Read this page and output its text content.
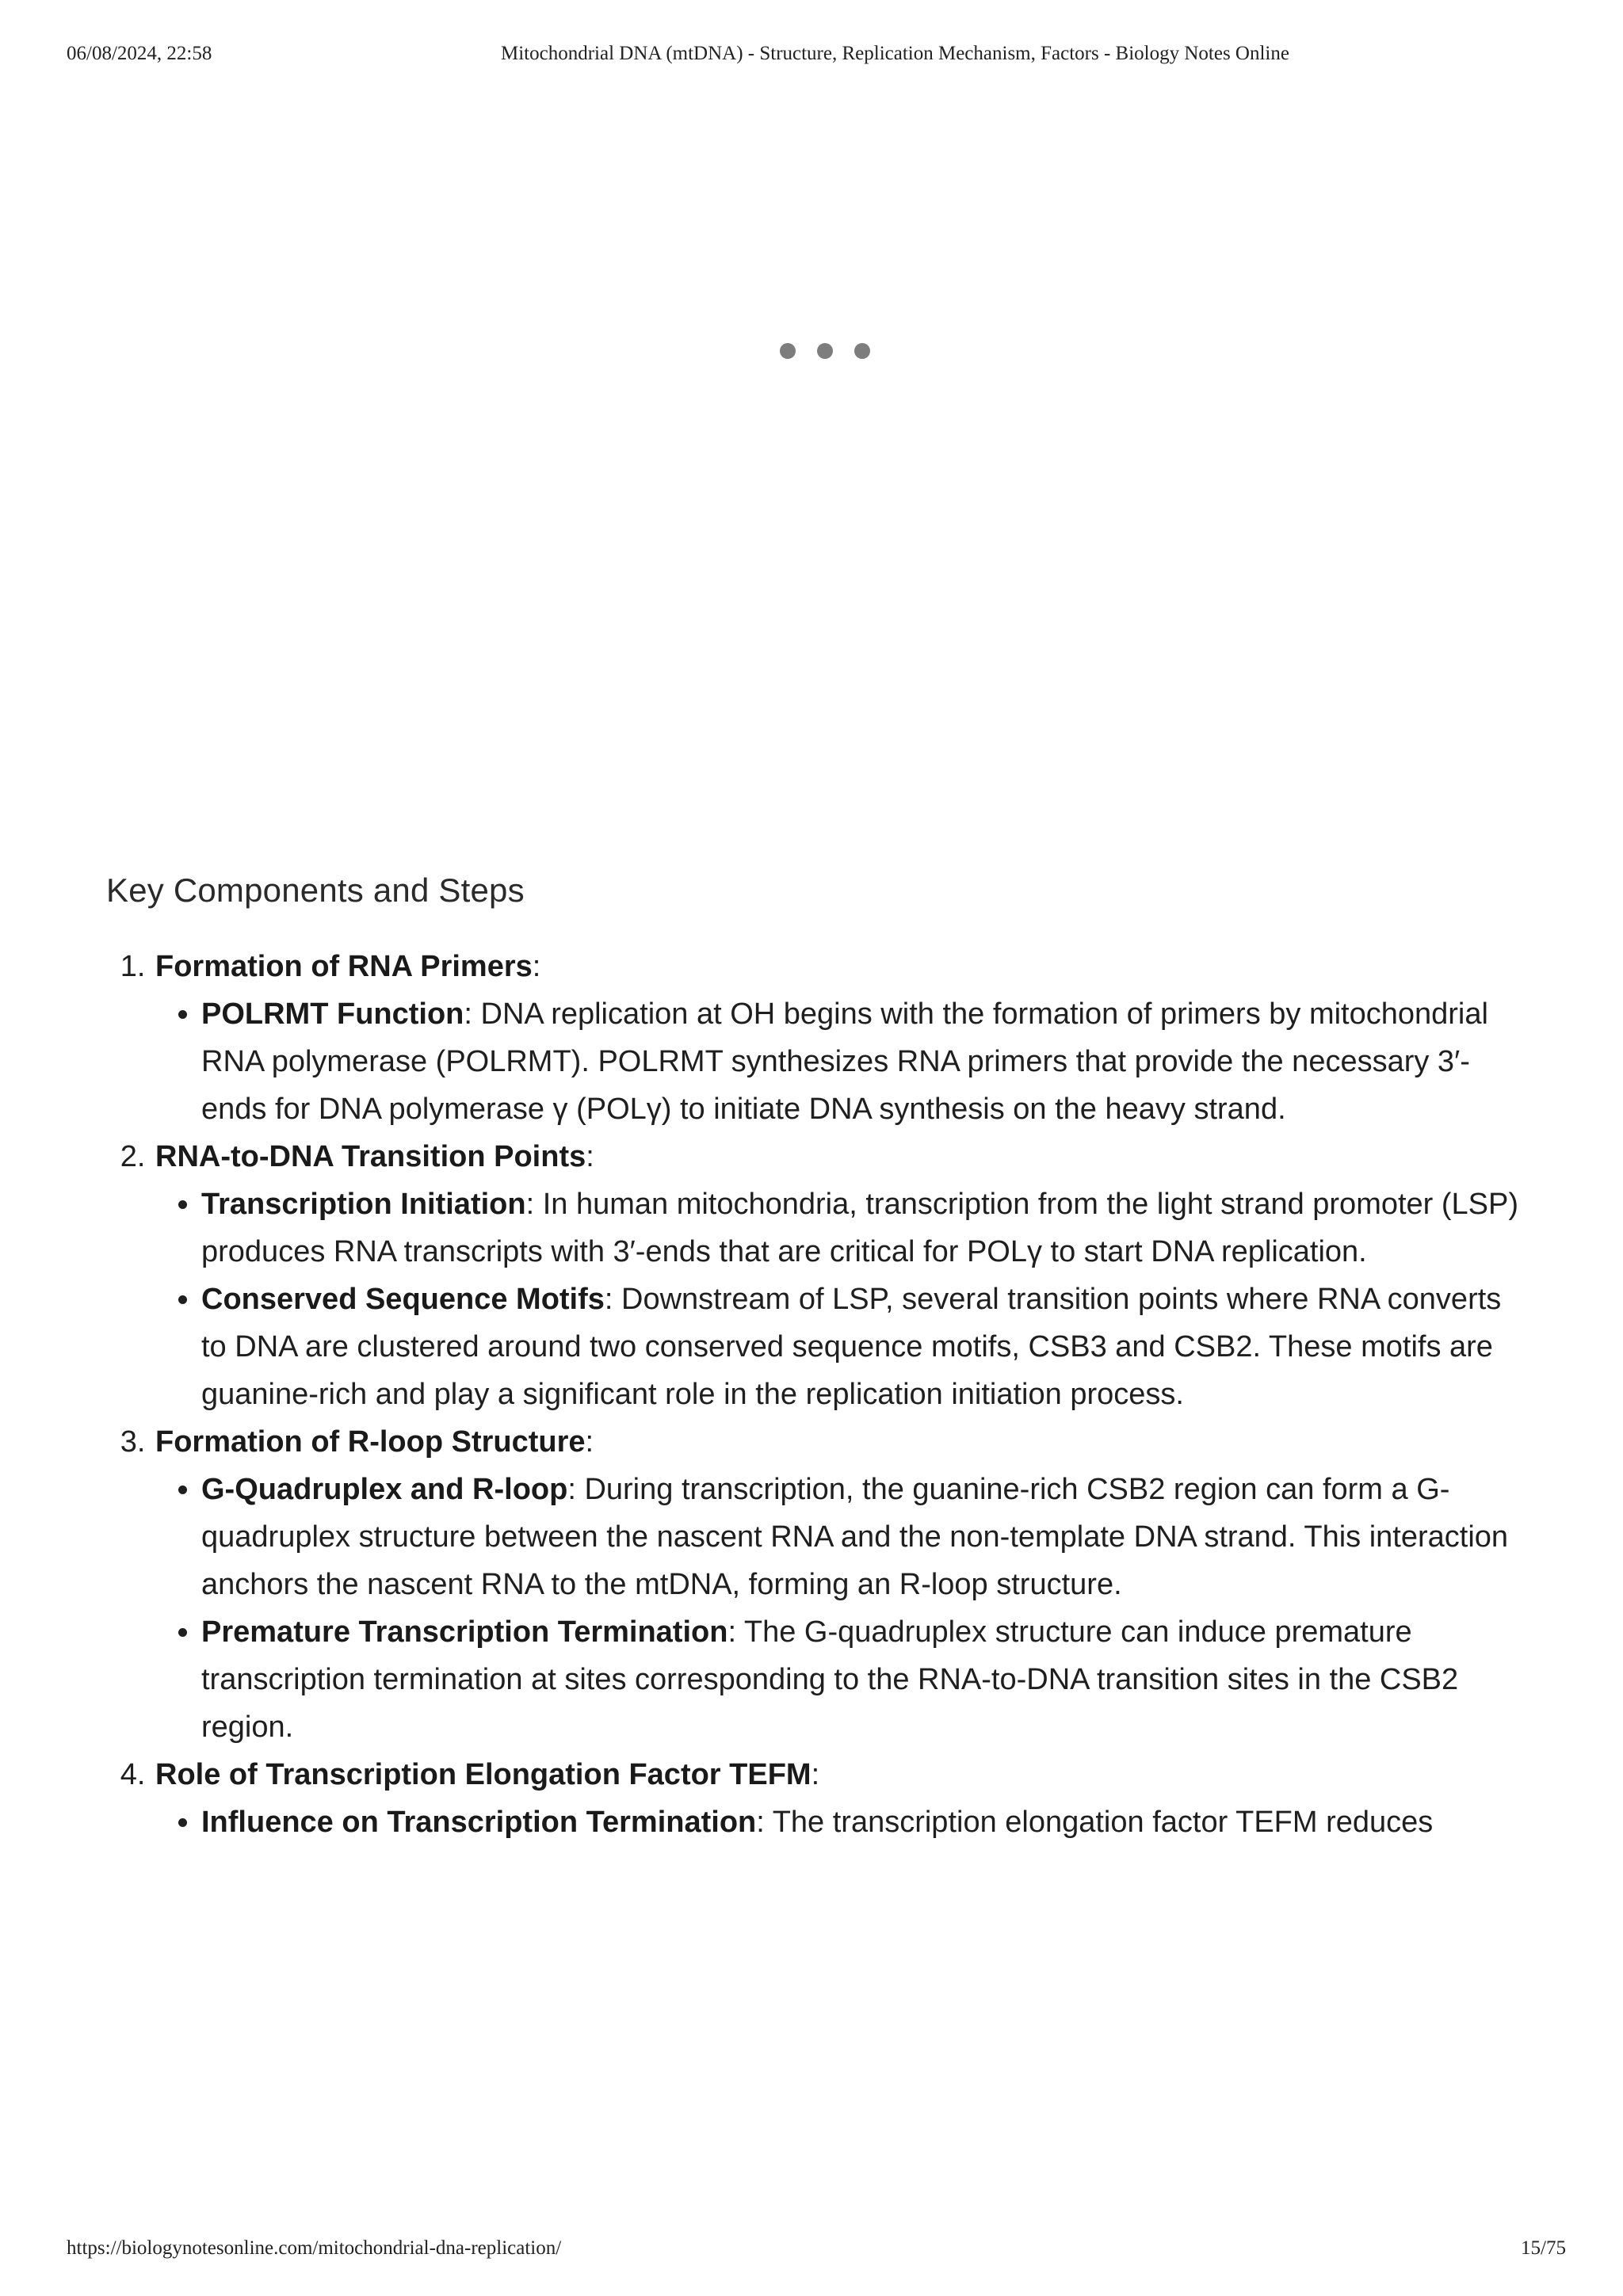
06/08/2024, 22:58	Mitochondrial DNA (mtDNA) - Structure, Replication Mechanism, Factors - Biology Notes Online
Key Components and Steps
1. Formation of RNA Primers:
• POLRMT Function: DNA replication at OH begins with the formation of primers by mitochondrial RNA polymerase (POLRMT). POLRMT synthesizes RNA primers that provide the necessary 3′-ends for DNA polymerase γ (POLγ) to initiate DNA synthesis on the heavy strand.
2. RNA-to-DNA Transition Points:
• Transcription Initiation: In human mitochondria, transcription from the light strand promoter (LSP) produces RNA transcripts with 3′-ends that are critical for POLγ to start DNA replication.
• Conserved Sequence Motifs: Downstream of LSP, several transition points where RNA converts to DNA are clustered around two conserved sequence motifs, CSB3 and CSB2. These motifs are guanine-rich and play a significant role in the replication initiation process.
3. Formation of R-loop Structure:
• G-Quadruplex and R-loop: During transcription, the guanine-rich CSB2 region can form a G-quadruplex structure between the nascent RNA and the non-template DNA strand. This interaction anchors the nascent RNA to the mtDNA, forming an R-loop structure.
• Premature Transcription Termination: The G-quadruplex structure can induce premature transcription termination at sites corresponding to the RNA-to-DNA transition sites in the CSB2 region.
4. Role of Transcription Elongation Factor TEFM:
• Influence on Transcription Termination: The transcription elongation factor TEFM reduces
https://biologynotesonline.com/mitochondrial-dna-replication/	15/75
